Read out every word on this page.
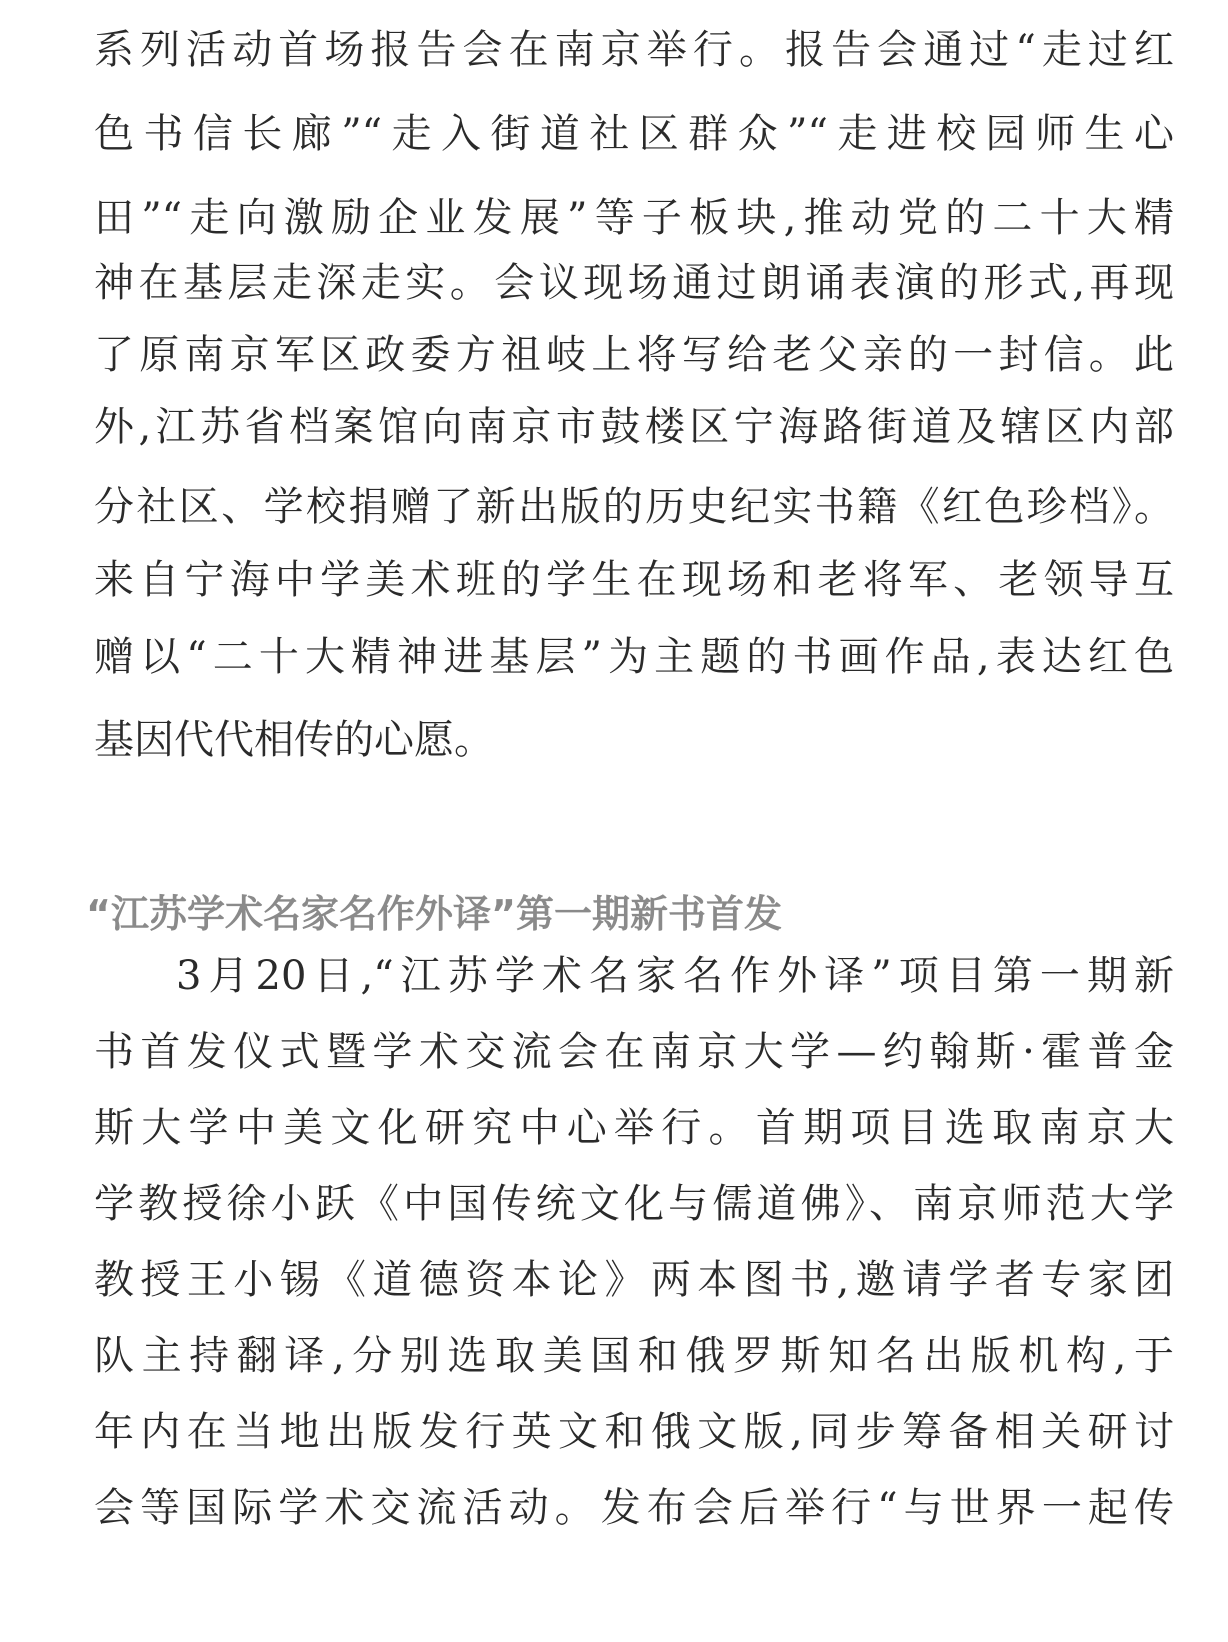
系列活动首场报告会在南京举行。报告会通过“走过红
色书信长廊”“走入街道社区群众”“走进校园师生心
田”“走向激励企业发展”等子板块,推动党的二十大精
神在基层走深走实。会议现场通过朗诵表演的形式,再现
了原南京军区政委方祖岐上将写给老父亲的一封信。此
外,江苏省档案馆向南京市鼓楼区宁海路街道及辖区内部
分社区、学校捐赠了新出版的历史纪实书籍《红色珍档》。
来自宁海中学美术班的学生在现场和老将军、老领导互
赠以“二十大精神进基层”为主题的书画作品,表达红色
基因代代相传的心愿。
“江苏学术名家名作外译”第一期新书首发
3月20日,“江苏学术名家名作外译”项目第一期新
书首发仪式暨学术交流会在南京大学—约翰斯·霍普金
斯大学中美文化研究中心举行。首期项目选取南京大
学教授徐小跃《中国传统文化与儒道佛》、南京师范大学
教授王小锡《道德资本论》两本图书,邀请学者专家团
队主持翻译,分别选取美国和俄罗斯知名出版机构,于
年内在当地出版发行英文和俄文版,同步筹备相关研讨
会等国际学术交流活动。发布会后举行“与世界一起传
